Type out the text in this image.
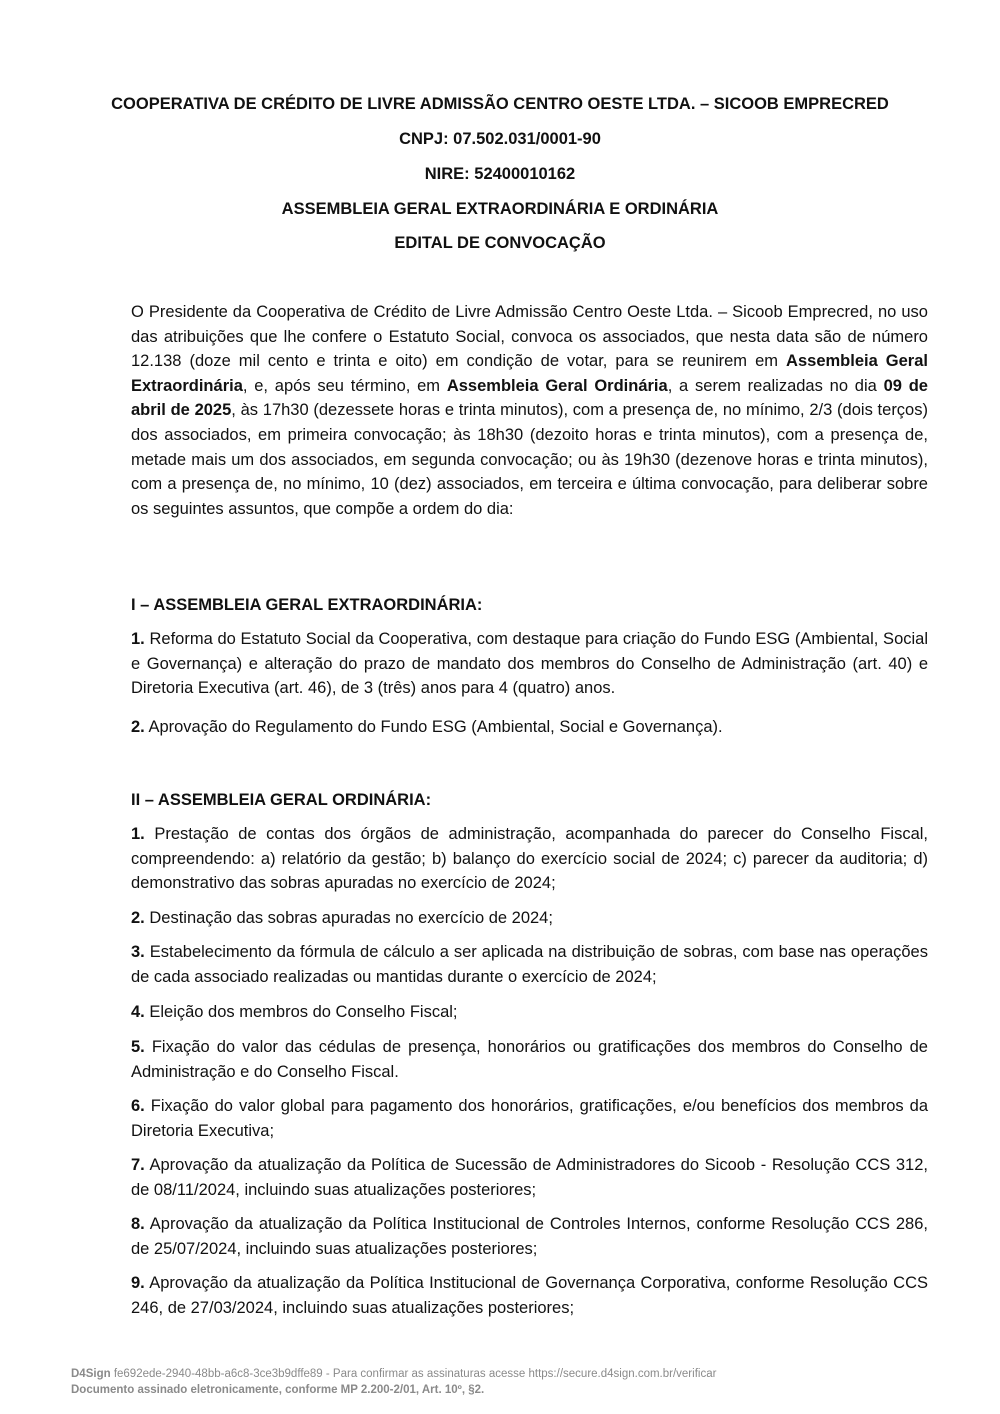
COOPERATIVA DE CRÉDITO DE LIVRE ADMISSÃO CENTRO OESTE LTDA. – SICOOB EMPRECRED
CNPJ: 07.502.031/0001-90
NIRE: 52400010162
ASSEMBLEIA GERAL EXTRAORDINÁRIA E ORDINÁRIA
EDITAL DE CONVOCAÇÃO
O Presidente da Cooperativa de Crédito de Livre Admissão Centro Oeste Ltda. – Sicoob Emprecred, no uso das atribuições que lhe confere o Estatuto Social, convoca os associados, que nesta data são de número 12.138 (doze mil cento e trinta e oito) em condição de votar, para se reunirem em Assembleia Geral Extraordinária, e, após seu término, em Assembleia Geral Ordinária, a serem realizadas no dia 09 de abril de 2025, às 17h30 (dezessete horas e trinta minutos), com a presença de, no mínimo, 2/3 (dois terços) dos associados, em primeira convocação; às 18h30 (dezoito horas e trinta minutos), com a presença de, metade mais um dos associados, em segunda convocação; ou às 19h30 (dezenove horas e trinta minutos), com a presença de, no mínimo, 10 (dez) associados, em terceira e última convocação, para deliberar sobre os seguintes assuntos, que compõe a ordem do dia:
I – ASSEMBLEIA GERAL EXTRAORDINÁRIA:
1. Reforma do Estatuto Social da Cooperativa, com destaque para criação do Fundo ESG (Ambiental, Social e Governança) e alteração do prazo de mandato dos membros do Conselho de Administração (art. 40) e Diretoria Executiva (art. 46), de 3 (três) anos para 4 (quatro) anos.
2. Aprovação do Regulamento do Fundo ESG (Ambiental, Social e Governança).
II – ASSEMBLEIA GERAL ORDINÁRIA:
1. Prestação de contas dos órgãos de administração, acompanhada do parecer do Conselho Fiscal, compreendendo: a) relatório da gestão; b) balanço do exercício social de 2024; c) parecer da auditoria; d) demonstrativo das sobras apuradas no exercício de 2024;
2. Destinação das sobras apuradas no exercício de 2024;
3. Estabelecimento da fórmula de cálculo a ser aplicada na distribuição de sobras, com base nas operações de cada associado realizadas ou mantidas durante o exercício de 2024;
4. Eleição dos membros do Conselho Fiscal;
5. Fixação do valor das cédulas de presença, honorários ou gratificações dos membros do Conselho de Administração e do Conselho Fiscal.
6. Fixação do valor global para pagamento dos honorários, gratificações, e/ou benefícios dos membros da Diretoria Executiva;
7. Aprovação da atualização da Política de Sucessão de Administradores do Sicoob - Resolução CCS 312, de 08/11/2024, incluindo suas atualizações posteriores;
8. Aprovação da atualização da Política Institucional de Controles Internos, conforme Resolução CCS 286, de 25/07/2024, incluindo suas atualizações posteriores;
9. Aprovação da atualização da Política Institucional de Governança Corporativa, conforme Resolução CCS 246, de 27/03/2024, incluindo suas atualizações posteriores;
D4Sign fe692ede-2940-48bb-a6c8-3ce3b9dffe89 - Para confirmar as assinaturas acesse https://secure.d4sign.com.br/verificar
Documento assinado eletronicamente, conforme MP 2.200-2/01, Art. 10º, §2.
